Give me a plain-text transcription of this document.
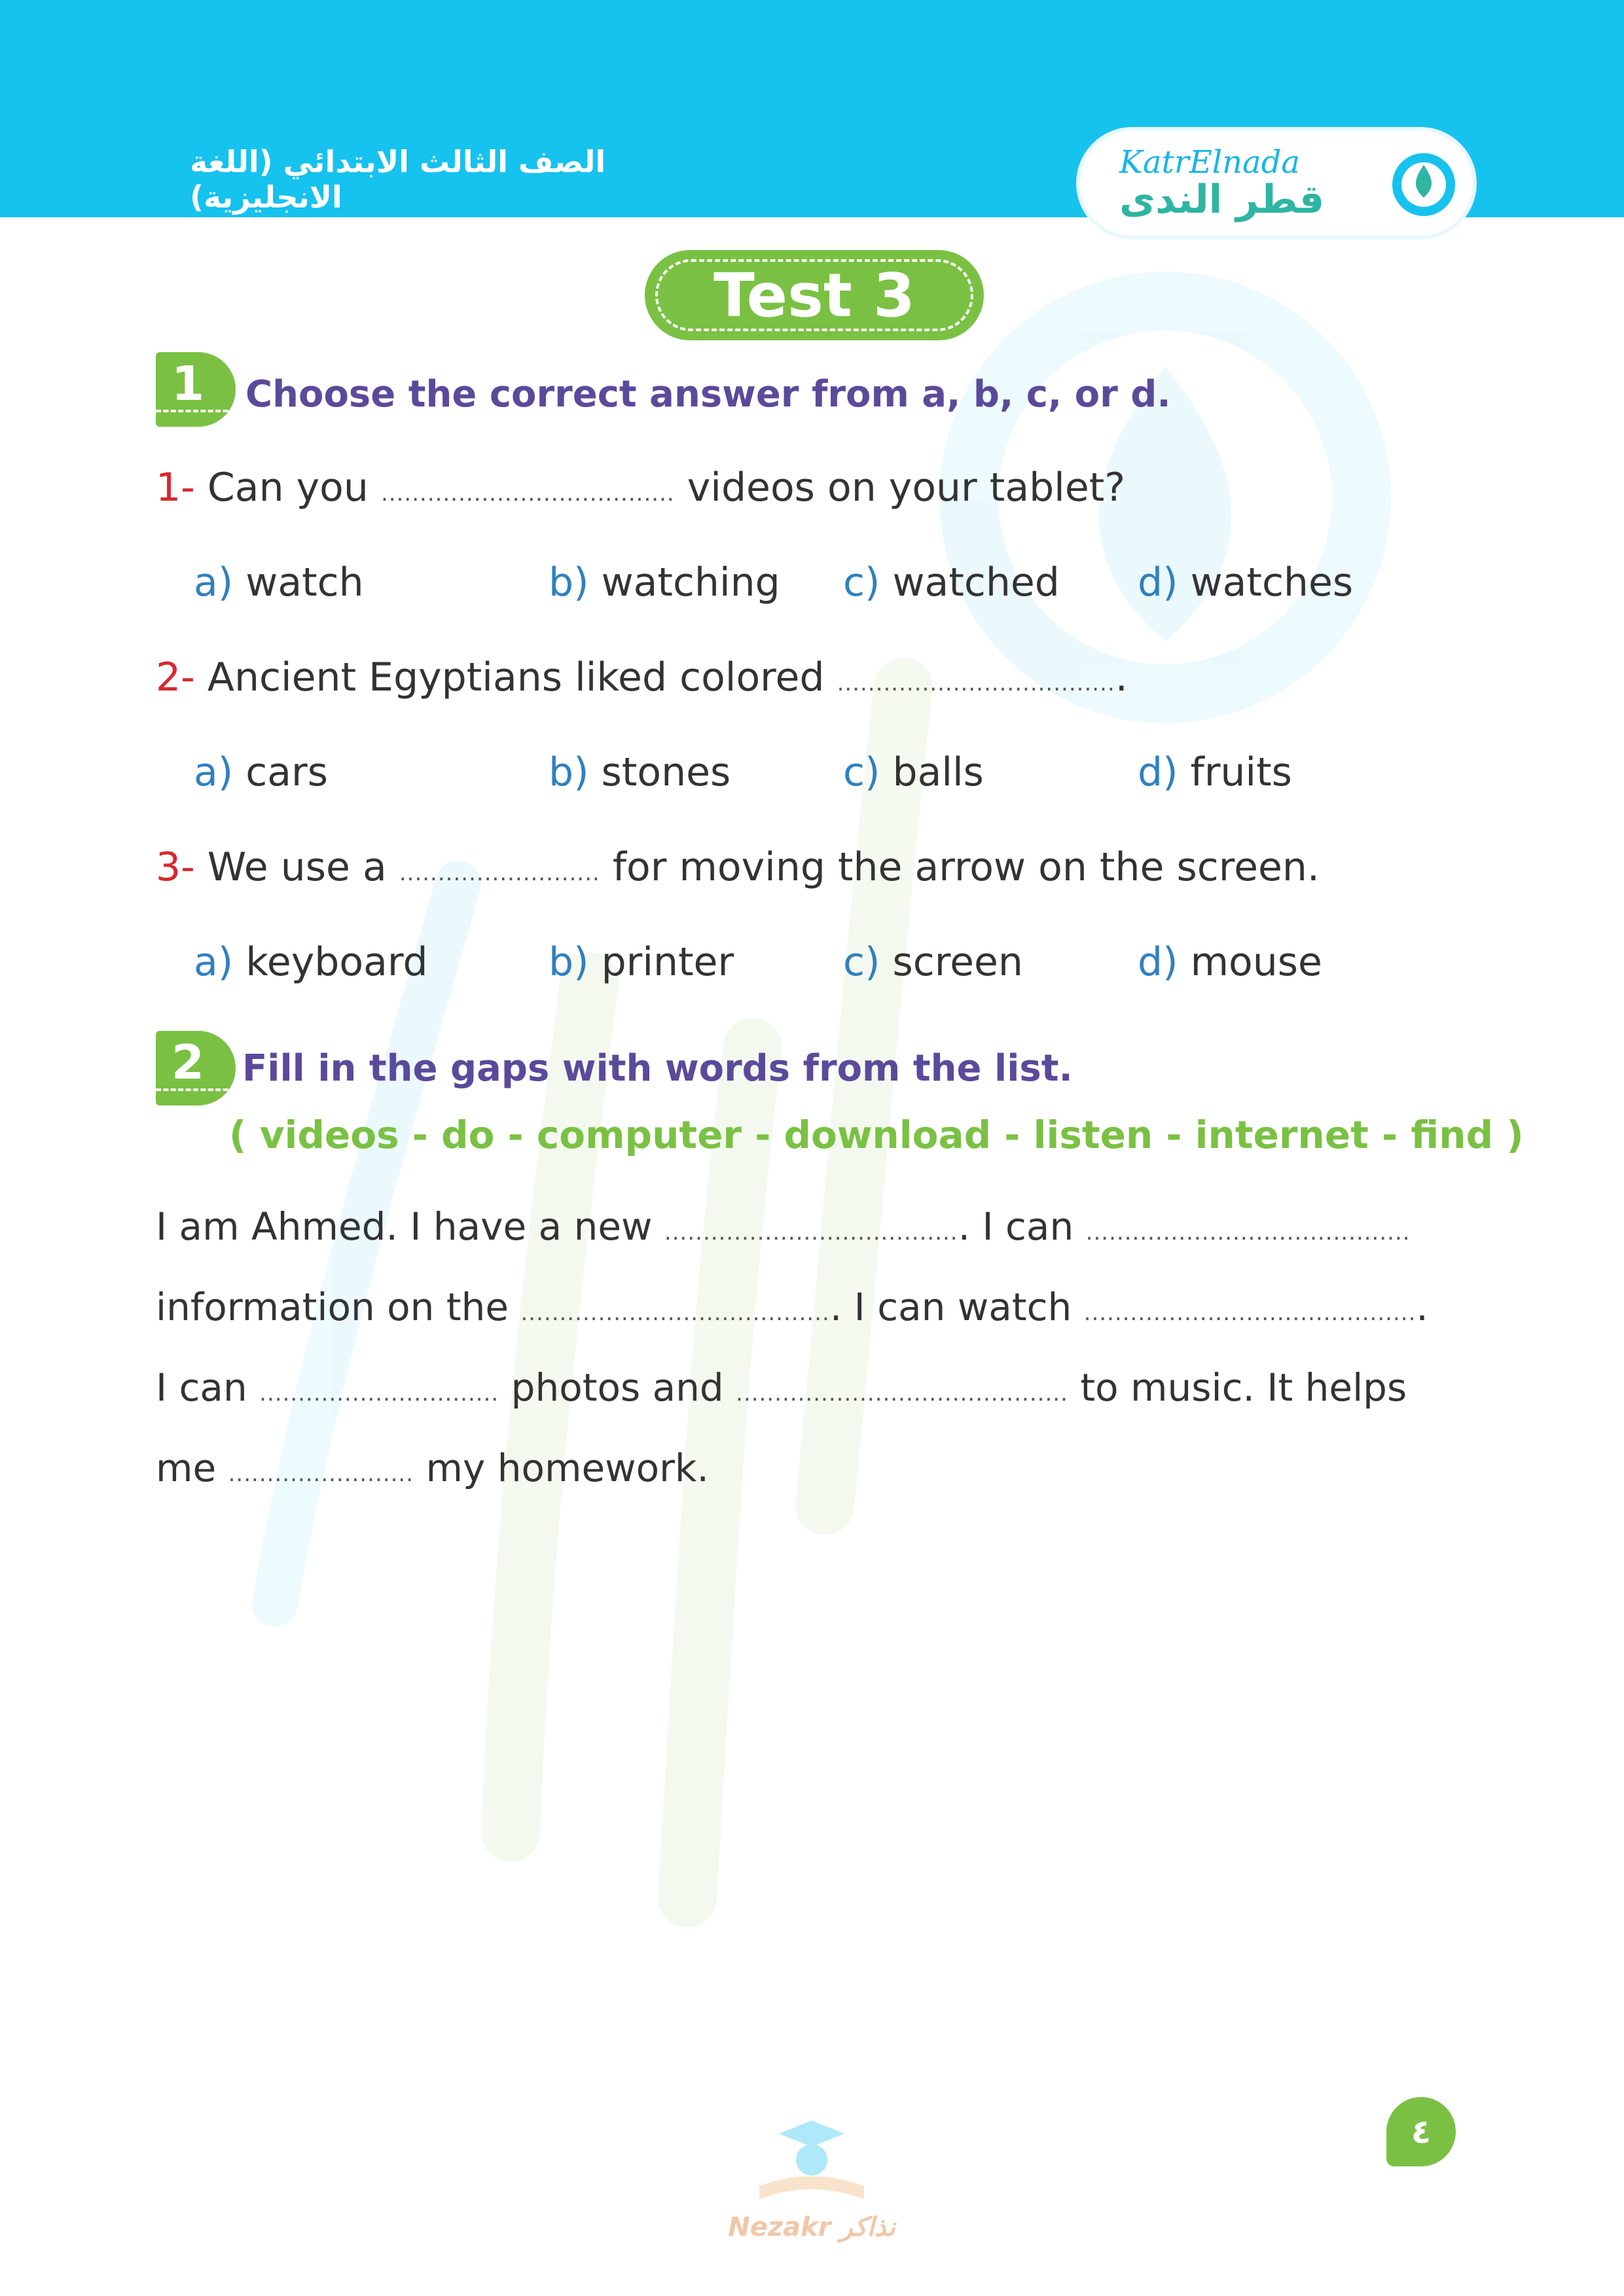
الصف الثالث الابتدائي (اللغة الانجليزية)
KatrElnada
قطر الندى
Test 3
1 Choose the correct answer from a, b, c, or d.
1- Can you ...................................... videos on your tablet?
a) watch	b) watching c) watched d) watches
2- Ancient Egyptians liked colored .....................................
a) cars	b) stones	c) balls	d) fruits
3- We use a .......................... for moving the arrow on the screen.
a) keyboard	b) printer	c) screen	d) mouse
2 Fill in the gaps with words from the list.
( videos - do - computer - download - listen - internet - find )
I am Ahmed. I have a new ....................................... I can ..........................................
information on the ......................................... I can watch ............................................
I can ............................... photos and ........................................... to music. It helps
me ........................ my homework.
Nezakr نذاكر
٤
